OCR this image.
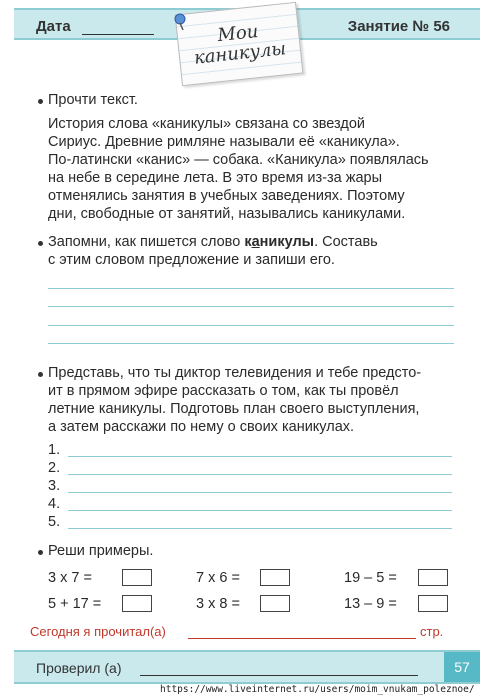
Дата	Занятие № 56
Мои
каникулы
Прочти текст.

История слова «каникулы» связана со звездой

Сириус. Древние римляне называли её «каникула».

По-латински «канис» — собака. «Каникула» появлялась

на небе в середине лета. В это время из-за жары

отменялись занятия в учебных заведениях. Поэтому

дни, свободные от занятий, назывались каникулами.

Запомни, как пишется слово каникулы. Составь

с этим словом предложение и запиши его.

Представь, что ты диктор телевидения и тебе предсто-

ит в прямом эфире рассказать о том, как ты провёл

летние каникулы. Подготовь план своего выступления,

а затем расскажи по нему о своих каникулах.

1.
2.
3.
4.
5.
Реши примеры.
3 x 7 =	7 x 6 =	19 – 5 =
5 + 17 =	3 x 8 =	13 – 9 =
Сегодня я прочитал(а)	стр.
Проверил (а)	57
https://www.liveinternet.ru/users/moim_vnukam_poleznoe/
